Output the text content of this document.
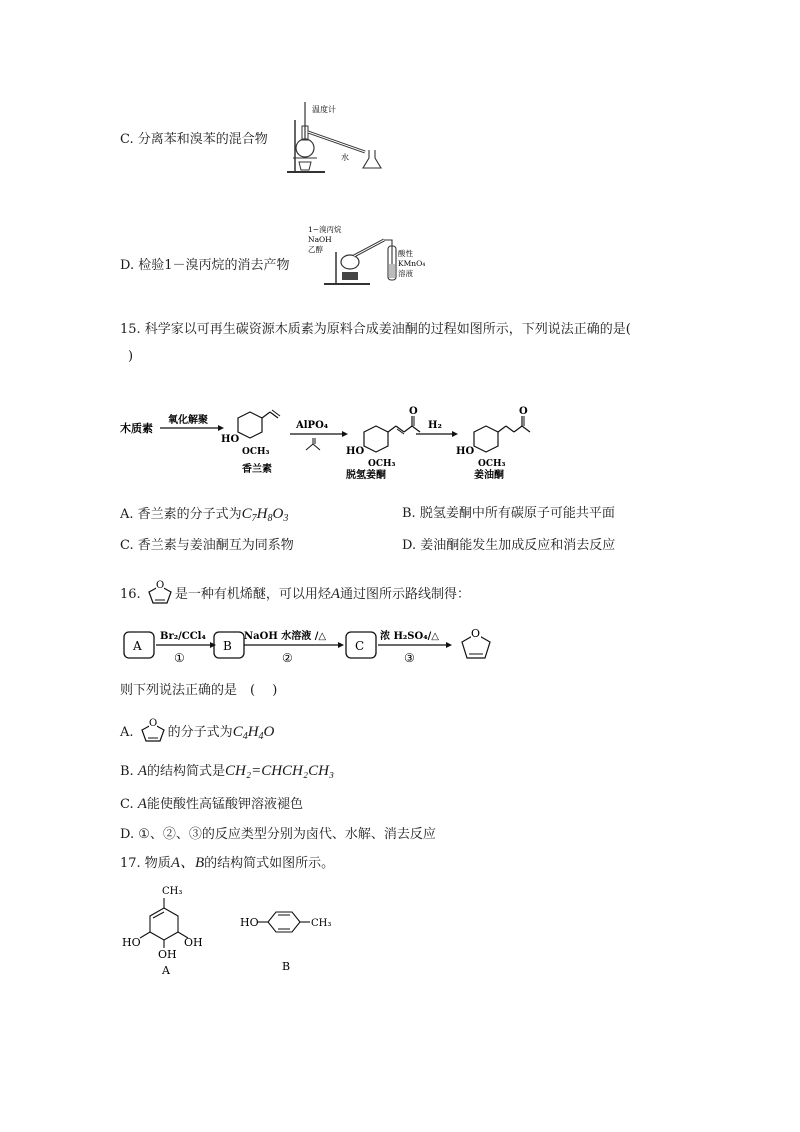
C. 分离苯和溴苯的混合物
温度计
水
D. 检验1－溴丙烷的消去产物
1−溴丙烷
NaOH
乙醇	酸性
KMnO₄
溶液
15. 科学家以可再生碳资源木质素为原料合成姜油酮的过程如图所示，下列说法正确的是(
)
木质素
氧化解聚
HO
OCH₃
香兰素
AlPO₄
O
HO
OCH₃
脱氢姜酮
H₂
O
HO
OCH₃
姜油酮
A. 香兰素的分子式为$C_7H_8O_3$	B. 脱氢姜酮中所有碳原子可能共平面
C. 香兰素与姜油酮互为同系物	D. 姜油酮能发生加成反应和消去反应
16.
O
是一种有机烯醚，可以用烃A通过图所示路线制得：
A
Br₂/CCl₄
①
B
NaOH 水溶液 /△
②
C
浓 H₂SO₄/△
③
O
则下列说法正确的是　(　 )
A.
O
的分子式为$C_4H_4O$
B. A的结构简式是CH₂=CHCH₂CH₃
C. A能使酸性高锰酸钾溶液褪色
D. ①、②、③的反应类型分别为卤代、水解、消去反应
17. 物质A、B的结构简式如图所示。
CH₃
HO
OH
OH
A
HO	CH₃
B
